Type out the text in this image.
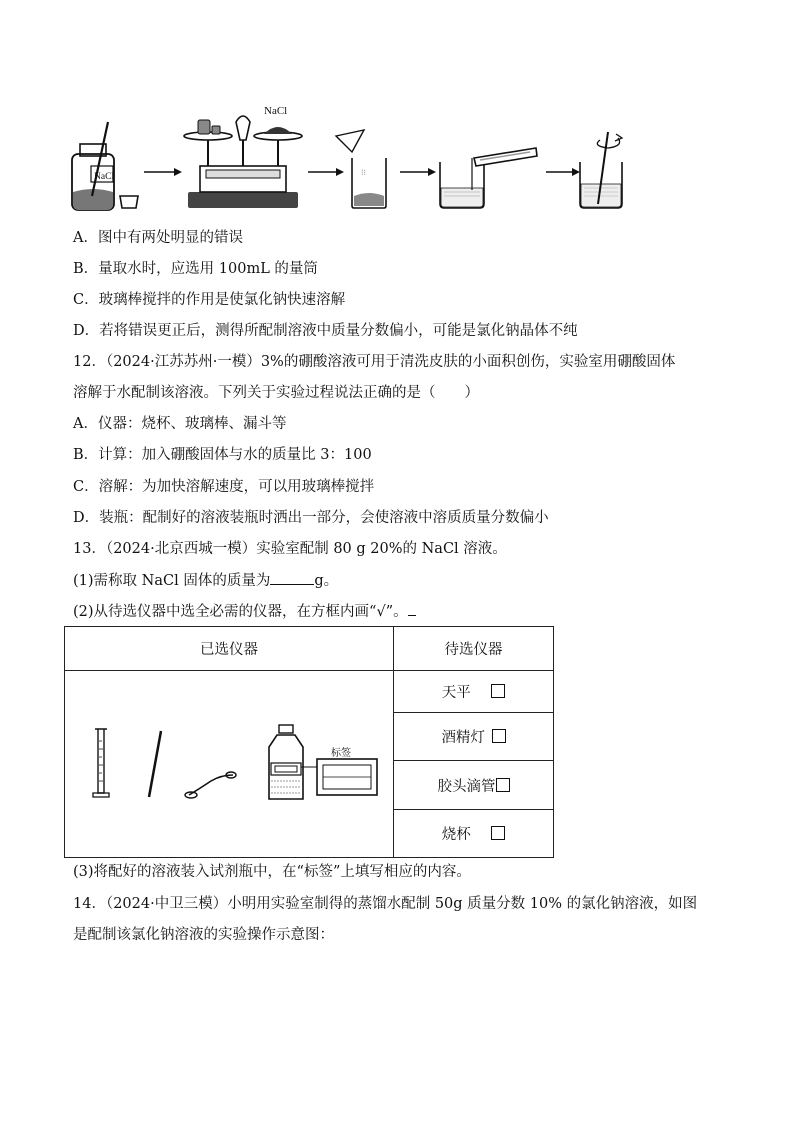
NaCl
NaCl
⁝⁝
A．图中有两处明显的错误
B．量取水时，应选用 100mL 的量筒
C．玻璃棒搅拌的作用是使氯化钠快速溶解
D．若将错误更正后，测得所配制溶液中质量分数偏小，可能是氯化钠晶体不纯
12．（2024·江苏苏州·一模）3%的硼酸溶液可用于清洗皮肤的小面积创伤，实验室用硼酸固体
溶解于水配制该溶液。下列关于实验过程说法正确的是（　　）
A．仪器：烧杯、玻璃棒、漏斗等
B．计算：加入硼酸固体与水的质量比 3：100
C．溶解：为加快溶解速度，可以用玻璃棒搅拌
D．装瓶：配制好的溶液装瓶时洒出一部分，会使溶液中溶质质量分数偏小
13．（2024·北京西城一模）实验室配制 80 g 20%的 NaCl 溶液。
(1)需称取 NaCl 固体的质量为	g。
(2)从待选仪器中选全必需的仪器，在方框内画“√”。
已选仪器	待选仪器

标签	天平
	酒精灯
	胶头滴管
	烧杯
(3)将配好的溶液装入试剂瓶中，在“标签”上填写相应的内容。
14．（2024·中卫三模）小明用实验室制得的蒸馏水配制 50g 质量分数 10% 的氯化钠溶液，如图
是配制该氯化钠溶液的实验操作示意图：
